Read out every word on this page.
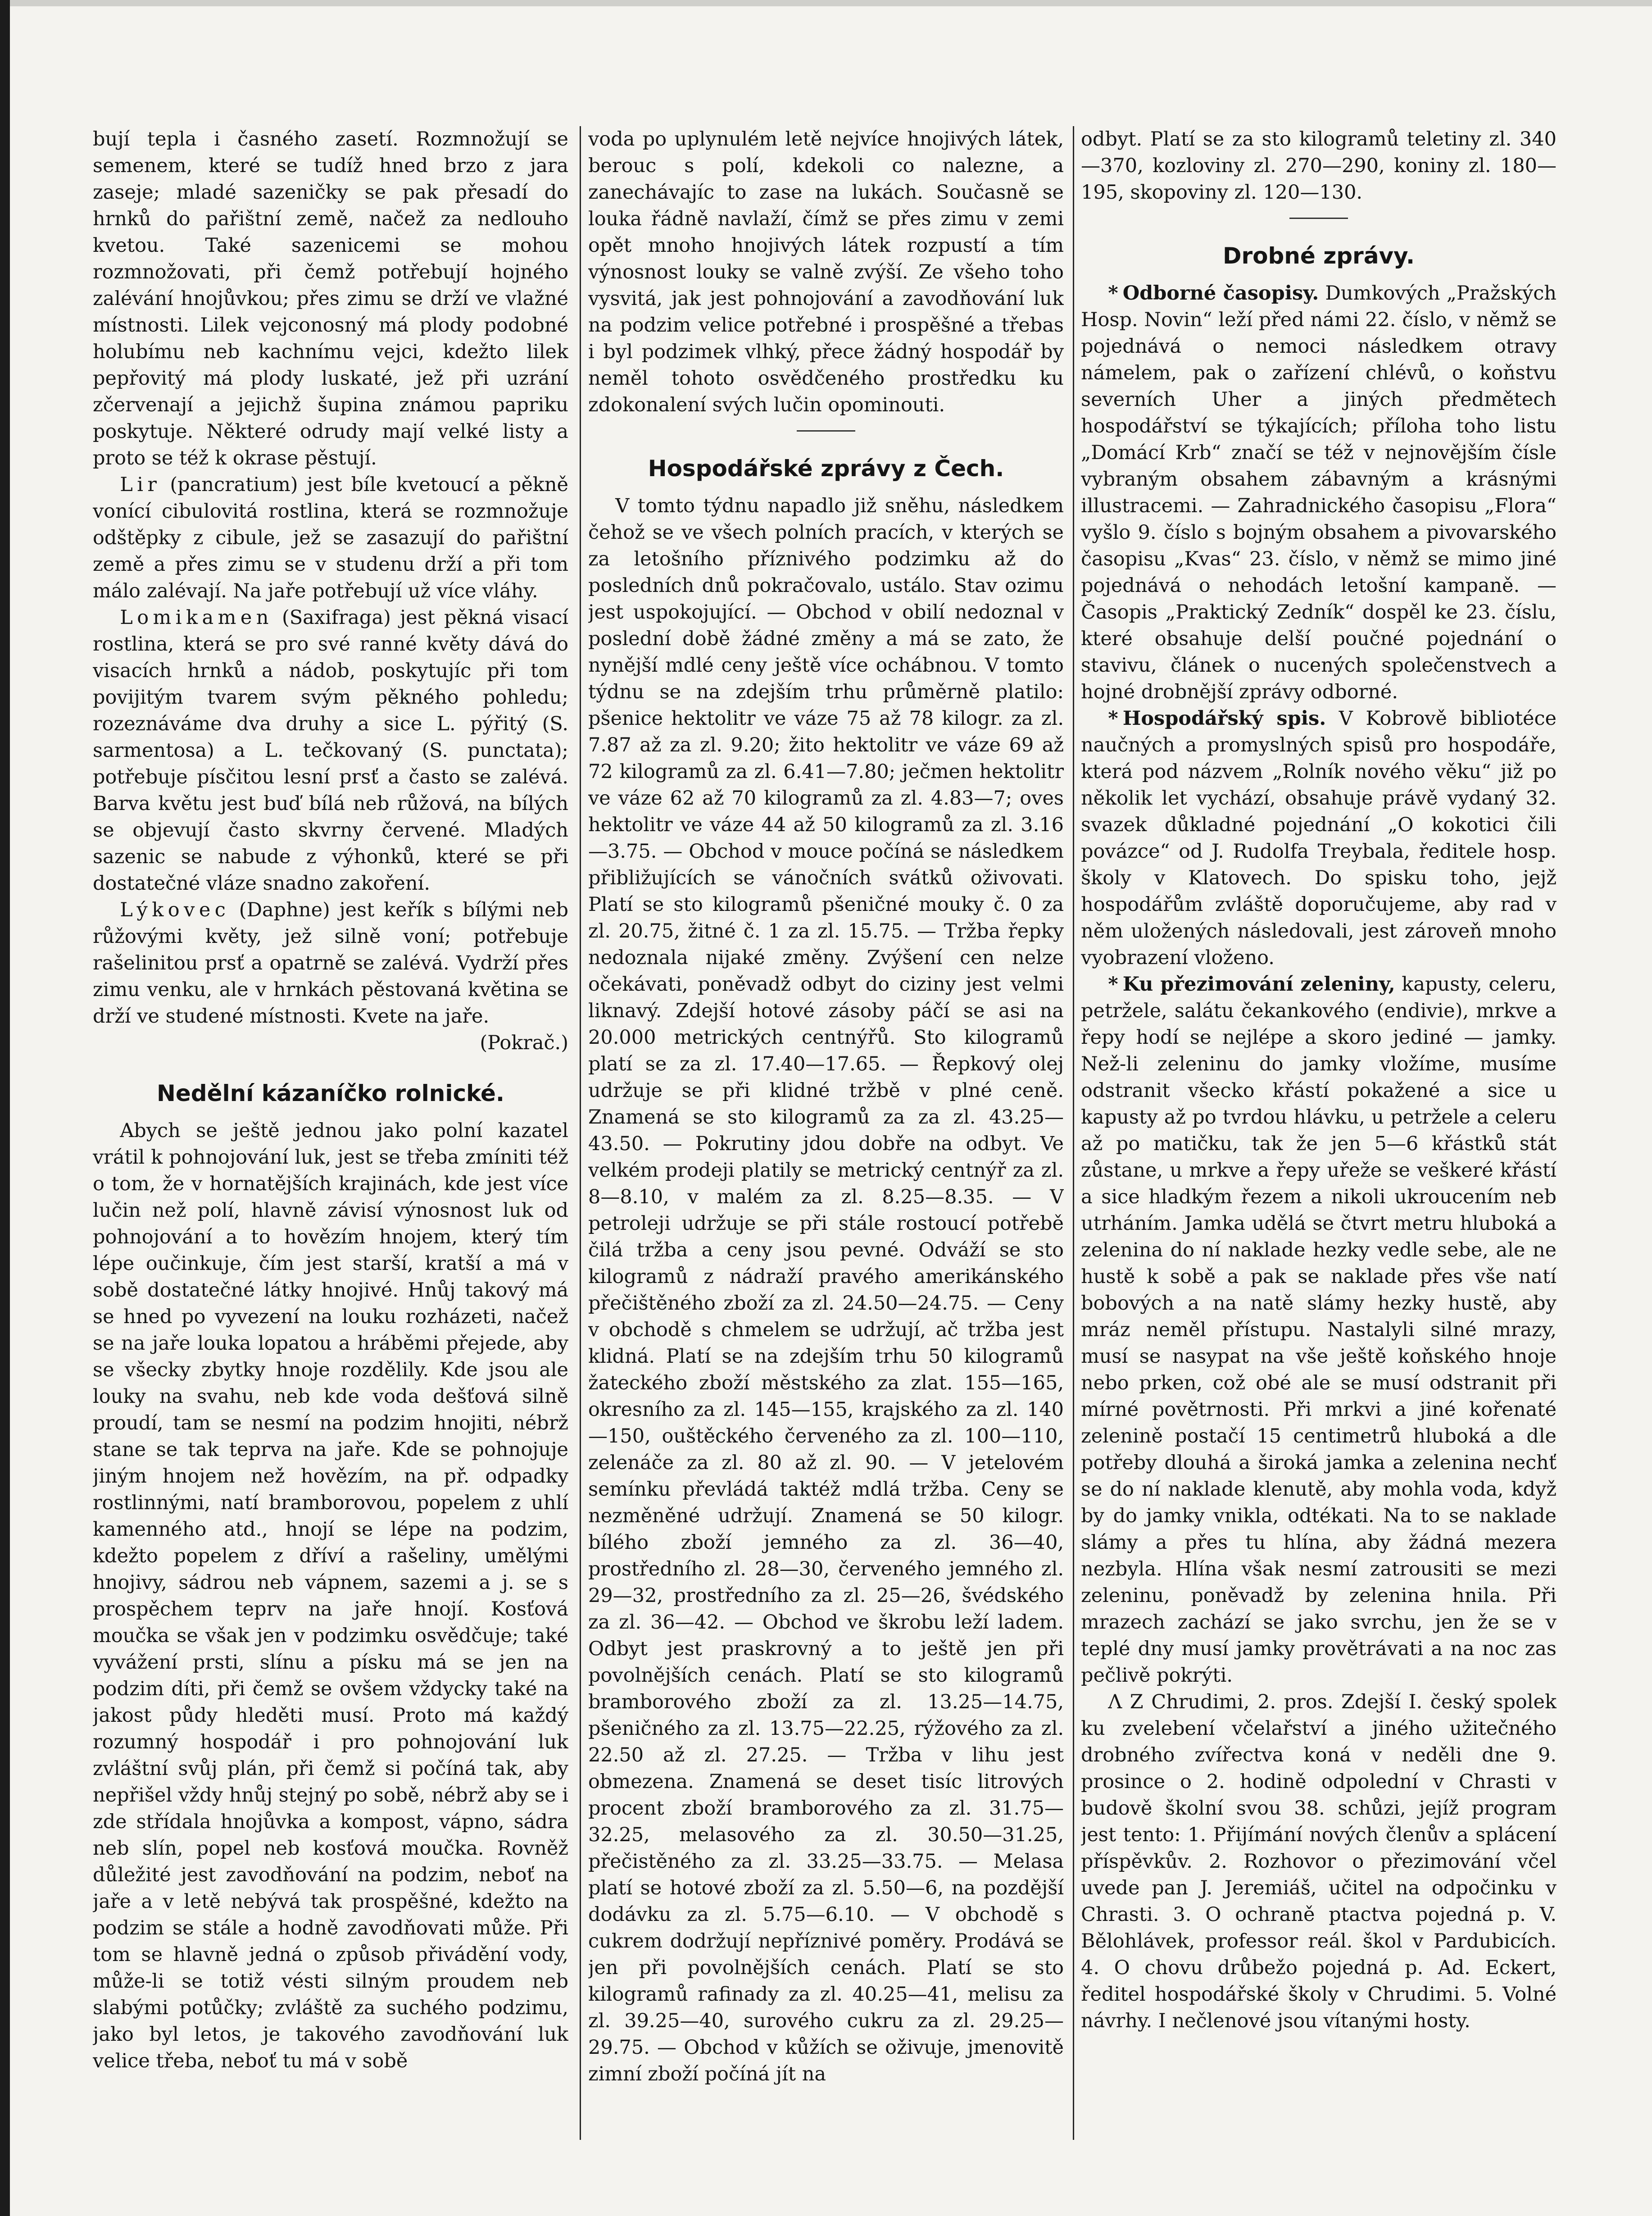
bují tepla i časného zasetí. Rozmnožují se semenem, které se tudíž hned brzo z jara zaseje; mladé sazeničky se pak přesadí do hrnků do pařištní země, načež za nedlouho kvetou. Také sazenicemi se mohou rozmnožovati, při čemž potřebují hojného zalévání hnojůvkou; přes zimu se drží ve vlažné místnosti. Lilek vejconosný má plody podobné holubímu neb kachnímu vejci, kdežto lilek pepřovitý má plody luskaté, jež při uzrání zčervenají a jejichž šupina známou papriku poskytuje. Některé odrudy mají velké listy a proto se též k okrase pěstují.

Lir (pancratium) jest bíle kvetoucí a pěkně vonící cibulovitá rostlina, která se rozmnožuje odštěpky z cibule, jež se zasazují do pařištní země a přes zimu se v studenu drží a při tom málo zalévají. Na jaře potřebují už více vláhy.

Lomikamen (Saxifraga) jest pěkná visací rostlina, která se pro své ranné květy dává do visacích hrnků a nádob, poskytujíc při tom povijitým tvarem svým pěkného pohledu; rozeznáváme dva druhy a sice L. pýřitý (S. sarmentosa) a L. tečkovaný (S. punctata); potřebuje písčitou lesní prsť a často se zalévá. Barva květu jest buď bílá neb růžová, na bílých se objevují často skvrny červené. Mladých sazenic se nabude z výhonků, které se při dostatečné vláze snadno zakoření.

Lýkovec (Daphne) jest keřík s bílými neb růžovými květy, jež silně voní; potřebuje rašelinitou prsť a opatrně se zalévá. Vydrží přes zimu venku, ale v hrnkách pěstovaná květina se drží ve studené místnosti. Kvete na jaře.

(Pokrač.)

Nedělní kázaníčko rolnické.

Abych se ještě jednou jako polní kazatel vrátil k pohnojování luk, jest se třeba zmíniti též o tom, že v hornatějších krajinách, kde jest více lučin než polí, hlavně závisí výnosnost luk od pohnojování a to hovězím hnojem, který tím lépe oučinkuje, čím jest starší, kratší a má v sobě dostatečné látky hnojivé. Hnůj takový má se hned po vyvezení na louku rozházeti, načež se na jaře louka lopatou a hráběmi přejede, aby se všecky zbytky hnoje rozdělily. Kde jsou ale louky na svahu, neb kde voda dešťová silně proudí, tam se nesmí na podzim hnojiti, nébrž stane se tak teprva na jaře. Kde se pohnojuje jiným hnojem než hovězím, na př. odpadky rostlinnými, natí bramborovou, popelem z uhlí kamenného atd., hnojí se lépe na podzim, kdežto popelem z dříví a rašeliny, umělými hnojivy, sádrou neb vápnem, sazemi a j. se s prospěchem teprv na jaře hnojí. Kosťová moučka se však jen v podzimku osvědčuje; také vyvážení prsti, slínu a písku má se jen na podzim díti, při čemž se ovšem vždycky také na jakost půdy hleděti musí. Proto má každý rozumný hospodář i pro pohnojování luk zvláštní svůj plán, při čemž si počíná tak, aby nepřišel vždy hnůj stejný po sobě, nébrž aby se i zde střídala hnojůvka a kompost, vápno, sádra neb slín, popel neb kosťová moučka. Rovněž důležité jest zavodňování na podzim, neboť na jaře a v letě nebývá tak prospěšné, kdežto na podzim se stále a hodně zavodňovati může. Při tom se hlavně jedná o způsob přivádění vody, může-li se totiž vésti silným proudem neb slabými potůčky; zvláště za suchého podzimu, jako byl letos, je takového zavodňování luk velice třeba, neboť tu má v sobě

voda po uplynulém letě nejvíce hnojivých látek, berouc s polí, kdekoli co nalezne, a zanechávajíc to zase na lukách. Současně se louka řádně navlaží, čímž se přes zimu v zemi opět mnoho hnojivých látek rozpustí a tím výnosnost louky se valně zvýší. Ze všeho toho vysvitá, jak jest pohnojování a zavodňování luk na podzim velice potřebné i prospěšné a třebas i byl podzimek vlhký, přece žádný hospodář by neměl tohoto osvědčeného prostředku ku zdokonalení svých lučin opominouti.

Hospodářské zprávy z Čech.

V tomto týdnu napadlo již sněhu, následkem čehož se ve všech polních pracích, v kterých se za letošního příznivého podzimku až do posledních dnů pokračovalo, ustálo. Stav ozimu jest uspokojující. — Obchod v obilí nedoznal v poslední době žádné změny a má se zato, že nynější mdlé ceny ještě více ochábnou. V tomto týdnu se na zdejším trhu průměrně platilo: pšenice hektolitr ve váze 75 až 78 kilogr. za zl. 7.87 až za zl. 9.20; žito hektolitr ve váze 69 až 72 kilogramů za zl. 6.41—7.80; ječmen hektolitr ve váze 62 až 70 kilogramů za zl. 4.83—7; oves hektolitr ve váze 44 až 50 kilogramů za zl. 3.16—3.75. — Obchod v mouce počíná se následkem přibližujících se vánočních svátků oživovati. Platí se sto kilogramů pšeničné mouky č. 0 za zl. 20.75, žitné č. 1 za zl. 15.75. — Tržba řepky nedoznala nijaké změny. Zvýšení cen nelze očekávati, poněvadž odbyt do ciziny jest velmi liknavý. Zdejší hotové zásoby páčí se asi na 20.000 metrických centnýřů. Sto kilogramů platí se za zl. 17.40—17.65. — Řepkový olej udržuje se při klidné tržbě v plné ceně. Znamená se sto kilogramů za za zl. 43.25—43.50. — Pokrutiny jdou dobře na odbyt. Ve velkém prodeji platily se metrický centnýř za zl. 8—8.10, v malém za zl. 8.25—8.35. — V petroleji udržuje se při stále rostoucí potřebě čilá tržba a ceny jsou pevné. Odváží se sto kilogramů z nádraží pravého amerikánského přečištěného zboží za zl. 24.50—24.75. — Ceny v obchodě s chmelem se udržují, ač tržba jest klidná. Platí se na zdejším trhu 50 kilogramů žateckého zboží městského za zlat. 155—165, okresního za zl. 145—155, krajského za zl. 140—150, ouštěckého červeného za zl. 100—110, zelenáče za zl. 80 až zl. 90. — V jetelovém semínku převládá taktéž mdlá tržba. Ceny se nezměněné udržují. Znamená se 50 kilogr. bílého zboží jemného za zl. 36—40, prostředního zl. 28—30, červeného jemného zl. 29—32, prostředního za zl. 25—26, švédského za zl. 36—42. — Obchod ve škrobu leží ladem. Odbyt jest praskrovný a to ještě jen při povolnějších cenách. Platí se sto kilogramů bramborového zboží za zl. 13.25—14.75, pšeničného za zl. 13.75—22.25, rýžového za zl. 22.50 až zl. 27.25. — Tržba v lihu jest obmezena. Znamená se deset tisíc litrových procent zboží bramborového za zl. 31.75—32.25, melasového za zl. 30.50—31.25, přečistěného za zl. 33.25—33.75. — Melasa platí se hotové zboží za zl. 5.50—6, na pozdější dodávku za zl. 5.75—6.10. — V obchodě s cukrem dodržují nepříznivé poměry. Prodává se jen při povolnějších cenách. Platí se sto kilogramů rafinady za zl. 40.25—41, melisu za zl. 39.25—40, surového cukru za zl. 29.25—29.75. — Obchod v kůžích se oživuje, jmenovitě zimní zboží počíná jít na

odbyt. Platí se za sto kilogramů teletiny zl. 340—370, kozloviny zl. 270—290, koniny zl. 180—195, skopoviny zl. 120—130.

Drobné zprávy.

* Odborné časopisy. Dumkových „Pražských Hosp. Novin“ leží před námi 22. číslo, v němž se pojednává o nemoci následkem otravy námelem, pak o zařízení chlévů, o koňstvu severních Uher a jiných předmětech hospodářství se týkajících; příloha toho listu „Domácí Krb“ značí se též v nejnovějším čísle vybraným obsahem zábavným a krásnými illustracemi. — Zahradnického časopisu „Flora“ vyšlo 9. číslo s bojným obsahem a pivovarského časopisu „Kvas“ 23. číslo, v němž se mimo jiné pojednává o nehodách letošní kampaně. — Časopis „Praktický Zedník“ dospěl ke 23. číslu, které obsahuje delší poučné pojednání o stavivu, článek o nucených společenstvech a hojné drobnější zprávy odborné.

* Hospodářský spis. V Kobrově bibliotéce naučných a promyslných spisů pro hospodáře, která pod názvem „Rolník nového věku“ již po několik let vychází, obsahuje právě vydaný 32. svazek důkladné pojednání „O kokotici čili povázce“ od J. Rudolfa Treybala, ředitele hosp. školy v Klatovech. Do spisku toho, jejž hospodářům zvláště doporučujeme, aby rad v něm uložených následovali, jest zároveň mnoho vyobrazení vloženo.

* Ku přezimování zeleniny, kapusty, celeru, petržele, salátu čekankového (endivie), mrkve a řepy hodí se nejlépe a skoro jediné — jamky. Než-li zeleninu do jamky vložíme, musíme odstranit všecko křástí pokažené a sice u kapusty až po tvrdou hlávku, u petržele a celeru až po matičku, tak že jen 5—6 křástků stát zůstane, u mrkve a řepy uřeže se veškeré křástí a sice hladkým řezem a nikoli ukroucením neb utrháním. Jamka udělá se čtvrt metru hluboká a zelenina do ní naklade hezky vedle sebe, ale ne hustě k sobě a pak se naklade přes vše natí bobových a na natě slámy hezky hustě, aby mráz neměl přístupu. Nastalyli silné mrazy, musí se nasypat na vše ještě koňského hnoje nebo prken, což obé ale se musí odstranit při mírné povětrnosti. Při mrkvi a jiné kořenaté zelenině postačí 15 centimetrů hluboká a dle potřeby dlouhá a široká jamka a zelenina nechť se do ní naklade klenutě, aby mohla voda, když by do jamky vnikla, odtékati. Na to se naklade slámy a přes tu hlína, aby žádná mezera nezbyla. Hlína však nesmí zatrousiti se mezi zeleninu, poněvadž by zelenina hnila. Při mrazech zachází se jako svrchu, jen že se v teplé dny musí jamky provětrávati a na noc zas pečlivě pokrýti.

Λ Z Chrudimi, 2. pros. Zdejší I. český spolek ku zvelebení včelařství a jiného užitečného drobného zvířectva koná v neděli dne 9. prosince o 2. hodině odpolední v Chrasti v budově školní svou 38. schůzi, jejíž program jest tento: 1. Přijímání nových členův a splácení příspěvkův. 2. Rozhovor o přezimování včel uvede pan J. Jeremiáš, učitel na odpočinku v Chrasti. 3. O ochraně ptactva pojedná p. V. Bělohlávek, professor reál. škol v Pardubicích. 4. O chovu drůbežo pojedná p. Ad. Eckert, ředitel hospodářské školy v Chrudimi. 5. Volné návrhy. I nečlenové jsou vítanými hosty.
